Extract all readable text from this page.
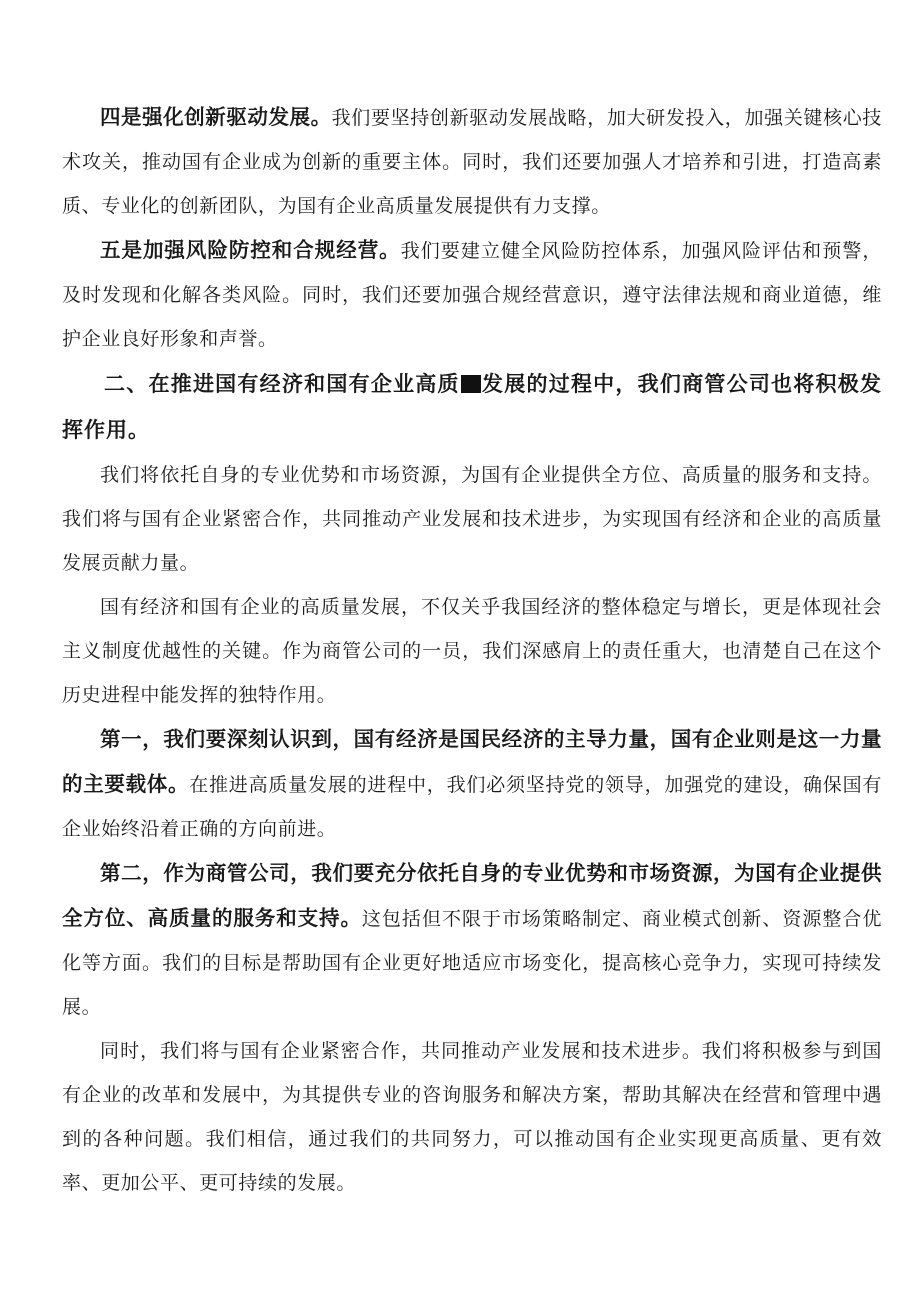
四是强化创新驱动发展。我们要坚持创新驱动发展战略，加大研发投入，加强关键核心技术攻关，推动国有企业成为创新的重要主体。同时，我们还要加强人才培养和引进，打造高素质、专业化的创新团队，为国有企业高质量发展提供有力支撑。

五是加强风险防控和合规经营。我们要建立健全风险防控体系，加强风险评估和预警，及时发现和化解各类风险。同时，我们还要加强合规经营意识，遵守法律法规和商业道德，维护企业良好形象和声誉。

二、在推进国有经济和国有企业高质 发展的过程中，我们商管公司也将积极发挥作用。

我们将依托自身的专业优势和市场资源，为国有企业提供全方位、高质量的服务和支持。我们将与国有企业紧密合作，共同推动产业发展和技术进步，为实现国有经济和企业的高质量发展贡献力量。

国有经济和国有企业的高质量发展，不仅关乎我国经济的整体稳定与增长，更是体现社会主义制度优越性的关键。作为商管公司的一员，我们深感肩上的责任重大，也清楚自己在这个历史进程中能发挥的独特作用。

第一，我们要深刻认识到，国有经济是国民经济的主导力量，国有企业则是这一力量的主要载体。在推进高质量发展的进程中，我们必须坚持党的领导，加强党的建设，确保国有企业始终沿着正确的方向前进。

第二，作为商管公司，我们要充分依托自身的专业优势和市场资源，为国有企业提供全方位、高质量的服务和支持。这包括但不限于市场策略制定、商业模式创新、资源整合优化等方面。我们的目标是帮助国有企业更好地适应市场变化，提高核心竞争力，实现可持续发展。

同时，我们将与国有企业紧密合作，共同推动产业发展和技术进步。我们将积极参与到国有企业的改革和发展中，为其提供专业的咨询服务和解决方案，帮助其解决在经营和管理中遇到的各种问题。我们相信，通过我们的共同努力，可以推动国有企业实现更高质量、更有效率、更加公平、更可持续的发展。
